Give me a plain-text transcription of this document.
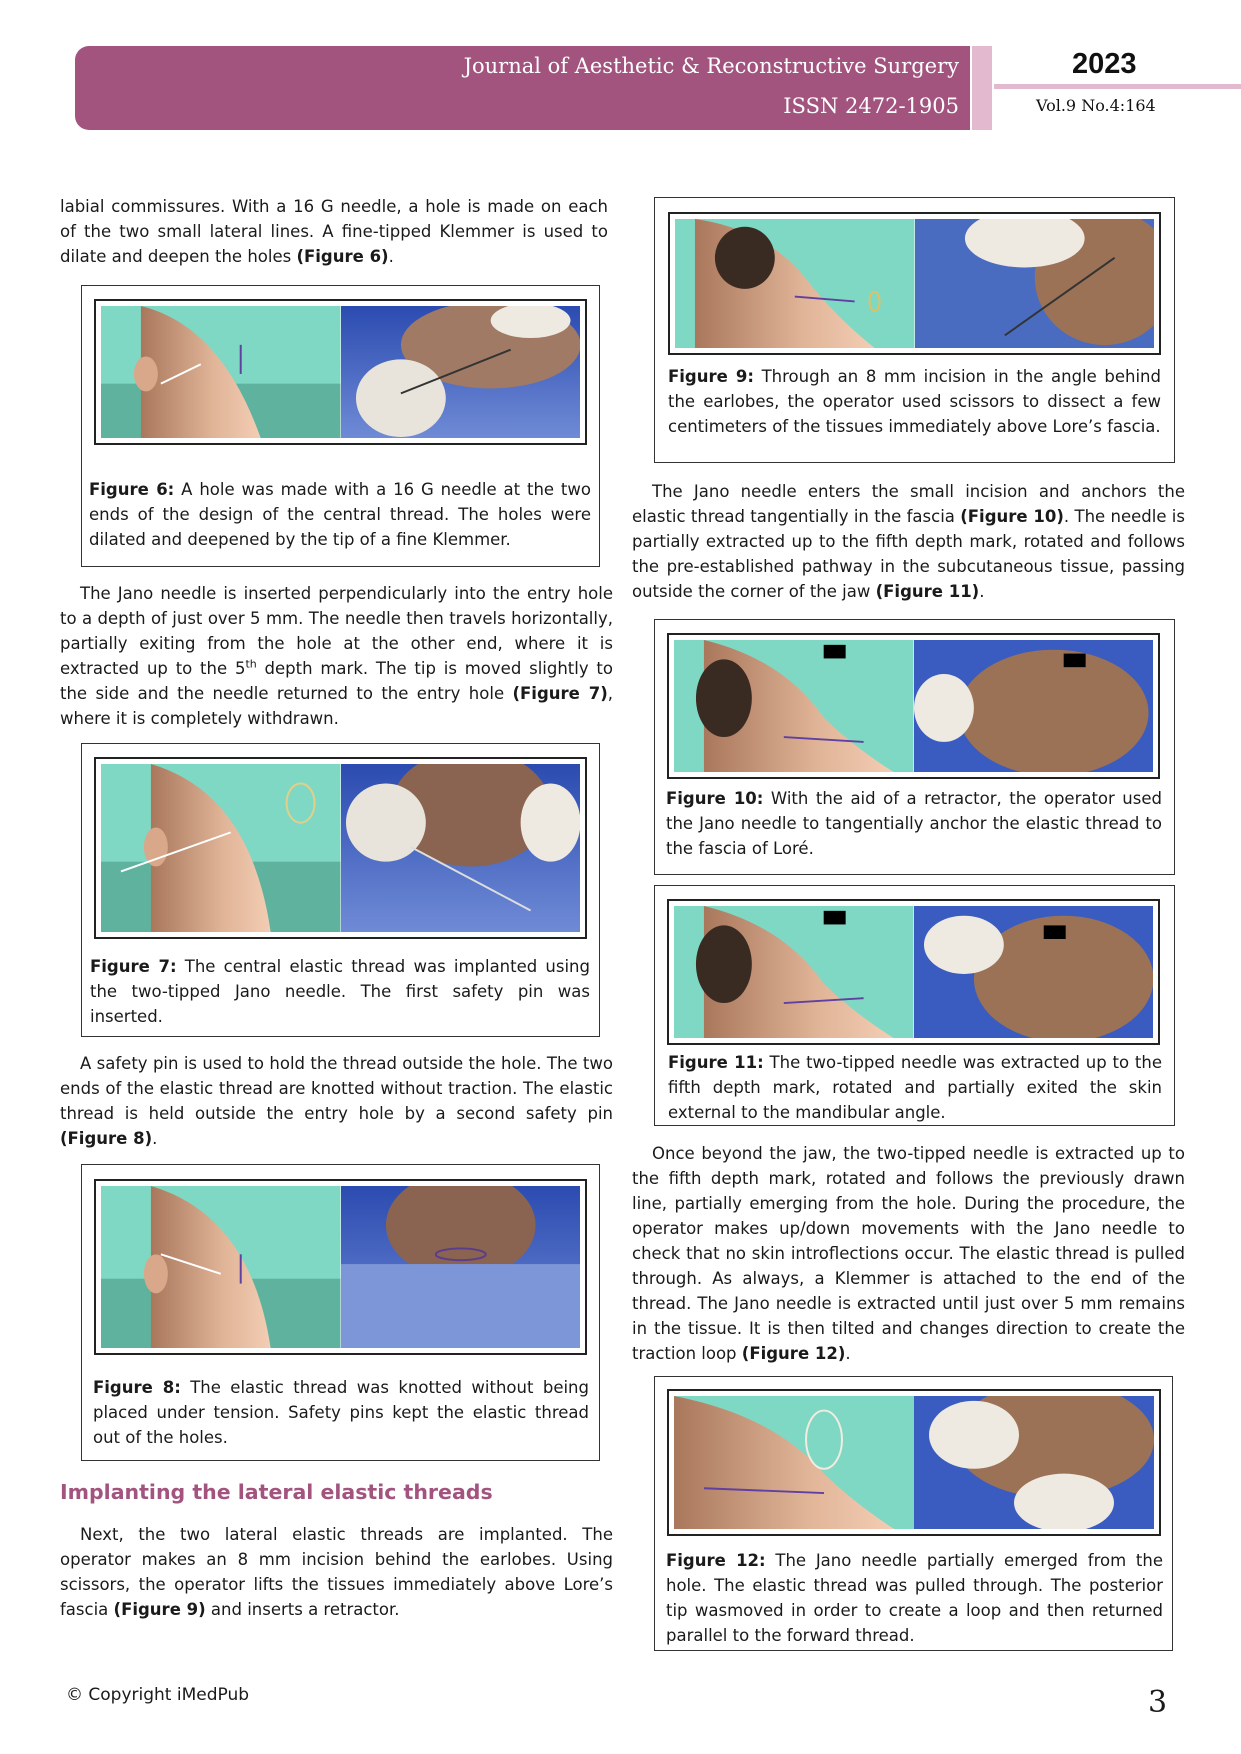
Journal of Aesthetic & Reconstructive Surgery
ISSN 2472-1905
2023
Vol.9 No.4:164

labial commissures. With a 16 G needle, a hole is made on each of the two small lateral lines. A fine-tipped Klemmer is used to dilate and deepen the holes (Figure 6).

Figure 6: A hole was made with a 16 G needle at the two ends of the design of the central thread. The holes were dilated and deepened by the tip of a fine Klemmer.

The Jano needle is inserted perpendicularly into the entry hole to a depth of just over 5 mm. The needle then travels horizontally, partially exiting from the hole at the other end, where it is extracted up to the 5th depth mark. The tip is moved slightly to the side and the needle returned to the entry hole (Figure 7), where it is completely withdrawn.

Figure 7: The central elastic thread was implanted using the two-tipped Jano needle. The first safety pin was inserted.

A safety pin is used to hold the thread outside the hole. The two ends of the elastic thread are knotted without traction. The elastic thread is held outside the entry hole by a second safety pin (Figure 8).

Figure 8: The elastic thread was knotted without being placed under tension. Safety pins kept the elastic thread out of the holes.

Implanting the lateral elastic threads

Next, the two lateral elastic threads are implanted. The operator makes an 8 mm incision behind the earlobes. Using scissors, the operator lifts the tissues immediately above Lore’s fascia (Figure 9) and inserts a retractor.

Figure 9: Through an 8 mm incision in the angle behind the earlobes, the operator used scissors to dissect a few centimeters of the tissues immediately above Lore’s fascia.

The Jano needle enters the small incision and anchors the elastic thread tangentially in the fascia (Figure 10). The needle is partially extracted up to the fifth depth mark, rotated and follows the pre-established pathway in the subcutaneous tissue, passing outside the corner of the jaw (Figure 11).

Figure 10: With the aid of a retractor, the operator used the Jano needle to tangentially anchor the elastic thread to the fascia of Loré.

Figure 11: The two-tipped needle was extracted up to the fifth depth mark, rotated and partially exited the skin external to the mandibular angle.

Once beyond the jaw, the two-tipped needle is extracted up to the fifth depth mark, rotated and follows the previously drawn line, partially emerging from the hole. During the procedure, the operator makes up/down movements with the Jano needle to check that no skin introflections occur. The elastic thread is pulled through. As always, a Klemmer is attached to the end of the thread. The Jano needle is extracted until just over 5 mm remains in the tissue. It is then tilted and changes direction to create the traction loop (Figure 12).

Figure 12: The Jano needle partially emerged from the hole. The elastic thread was pulled through. The posterior tip wasmoved in order to create a loop and then returned parallel to the forward thread.

© Copyright iMedPub	3
